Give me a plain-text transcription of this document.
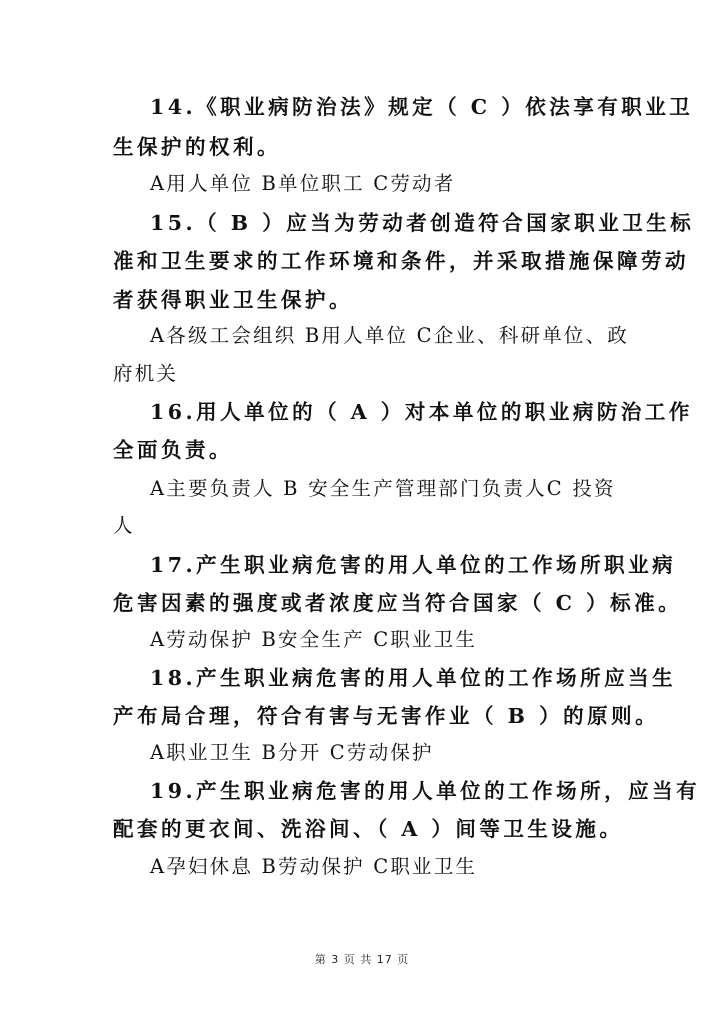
14.《职业病防治法》规定（ C ）依法享有职业卫
生保护的权利。
A用人单位 B单位职工 C劳动者
15.（ B ）应当为劳动者创造符合国家职业卫生标
准和卫生要求的工作环境和条件，并采取措施保障劳动
者获得职业卫生保护。
A各级工会组织 B用人单位 C企业、科研单位、政
府机关
16.用人单位的（ A ）对本单位的职业病防治工作
全面负责。
A主要负责人 B 安全生产管理部门负责人C 投资
人
17.产生职业病危害的用人单位的工作场所职业病
危害因素的强度或者浓度应当符合国家（ C ）标准。
A劳动保护 B安全生产 C职业卫生
18.产生职业病危害的用人单位的工作场所应当生
产布局合理，符合有害与无害作业（ B ）的原则。
A职业卫生 B分开 C劳动保护
19.产生职业病危害的用人单位的工作场所，应当有
配套的更衣间、洗浴间、（ A ）间等卫生设施。
A孕妇休息 B劳动保护 C职业卫生
第 3 页 共 17 页
